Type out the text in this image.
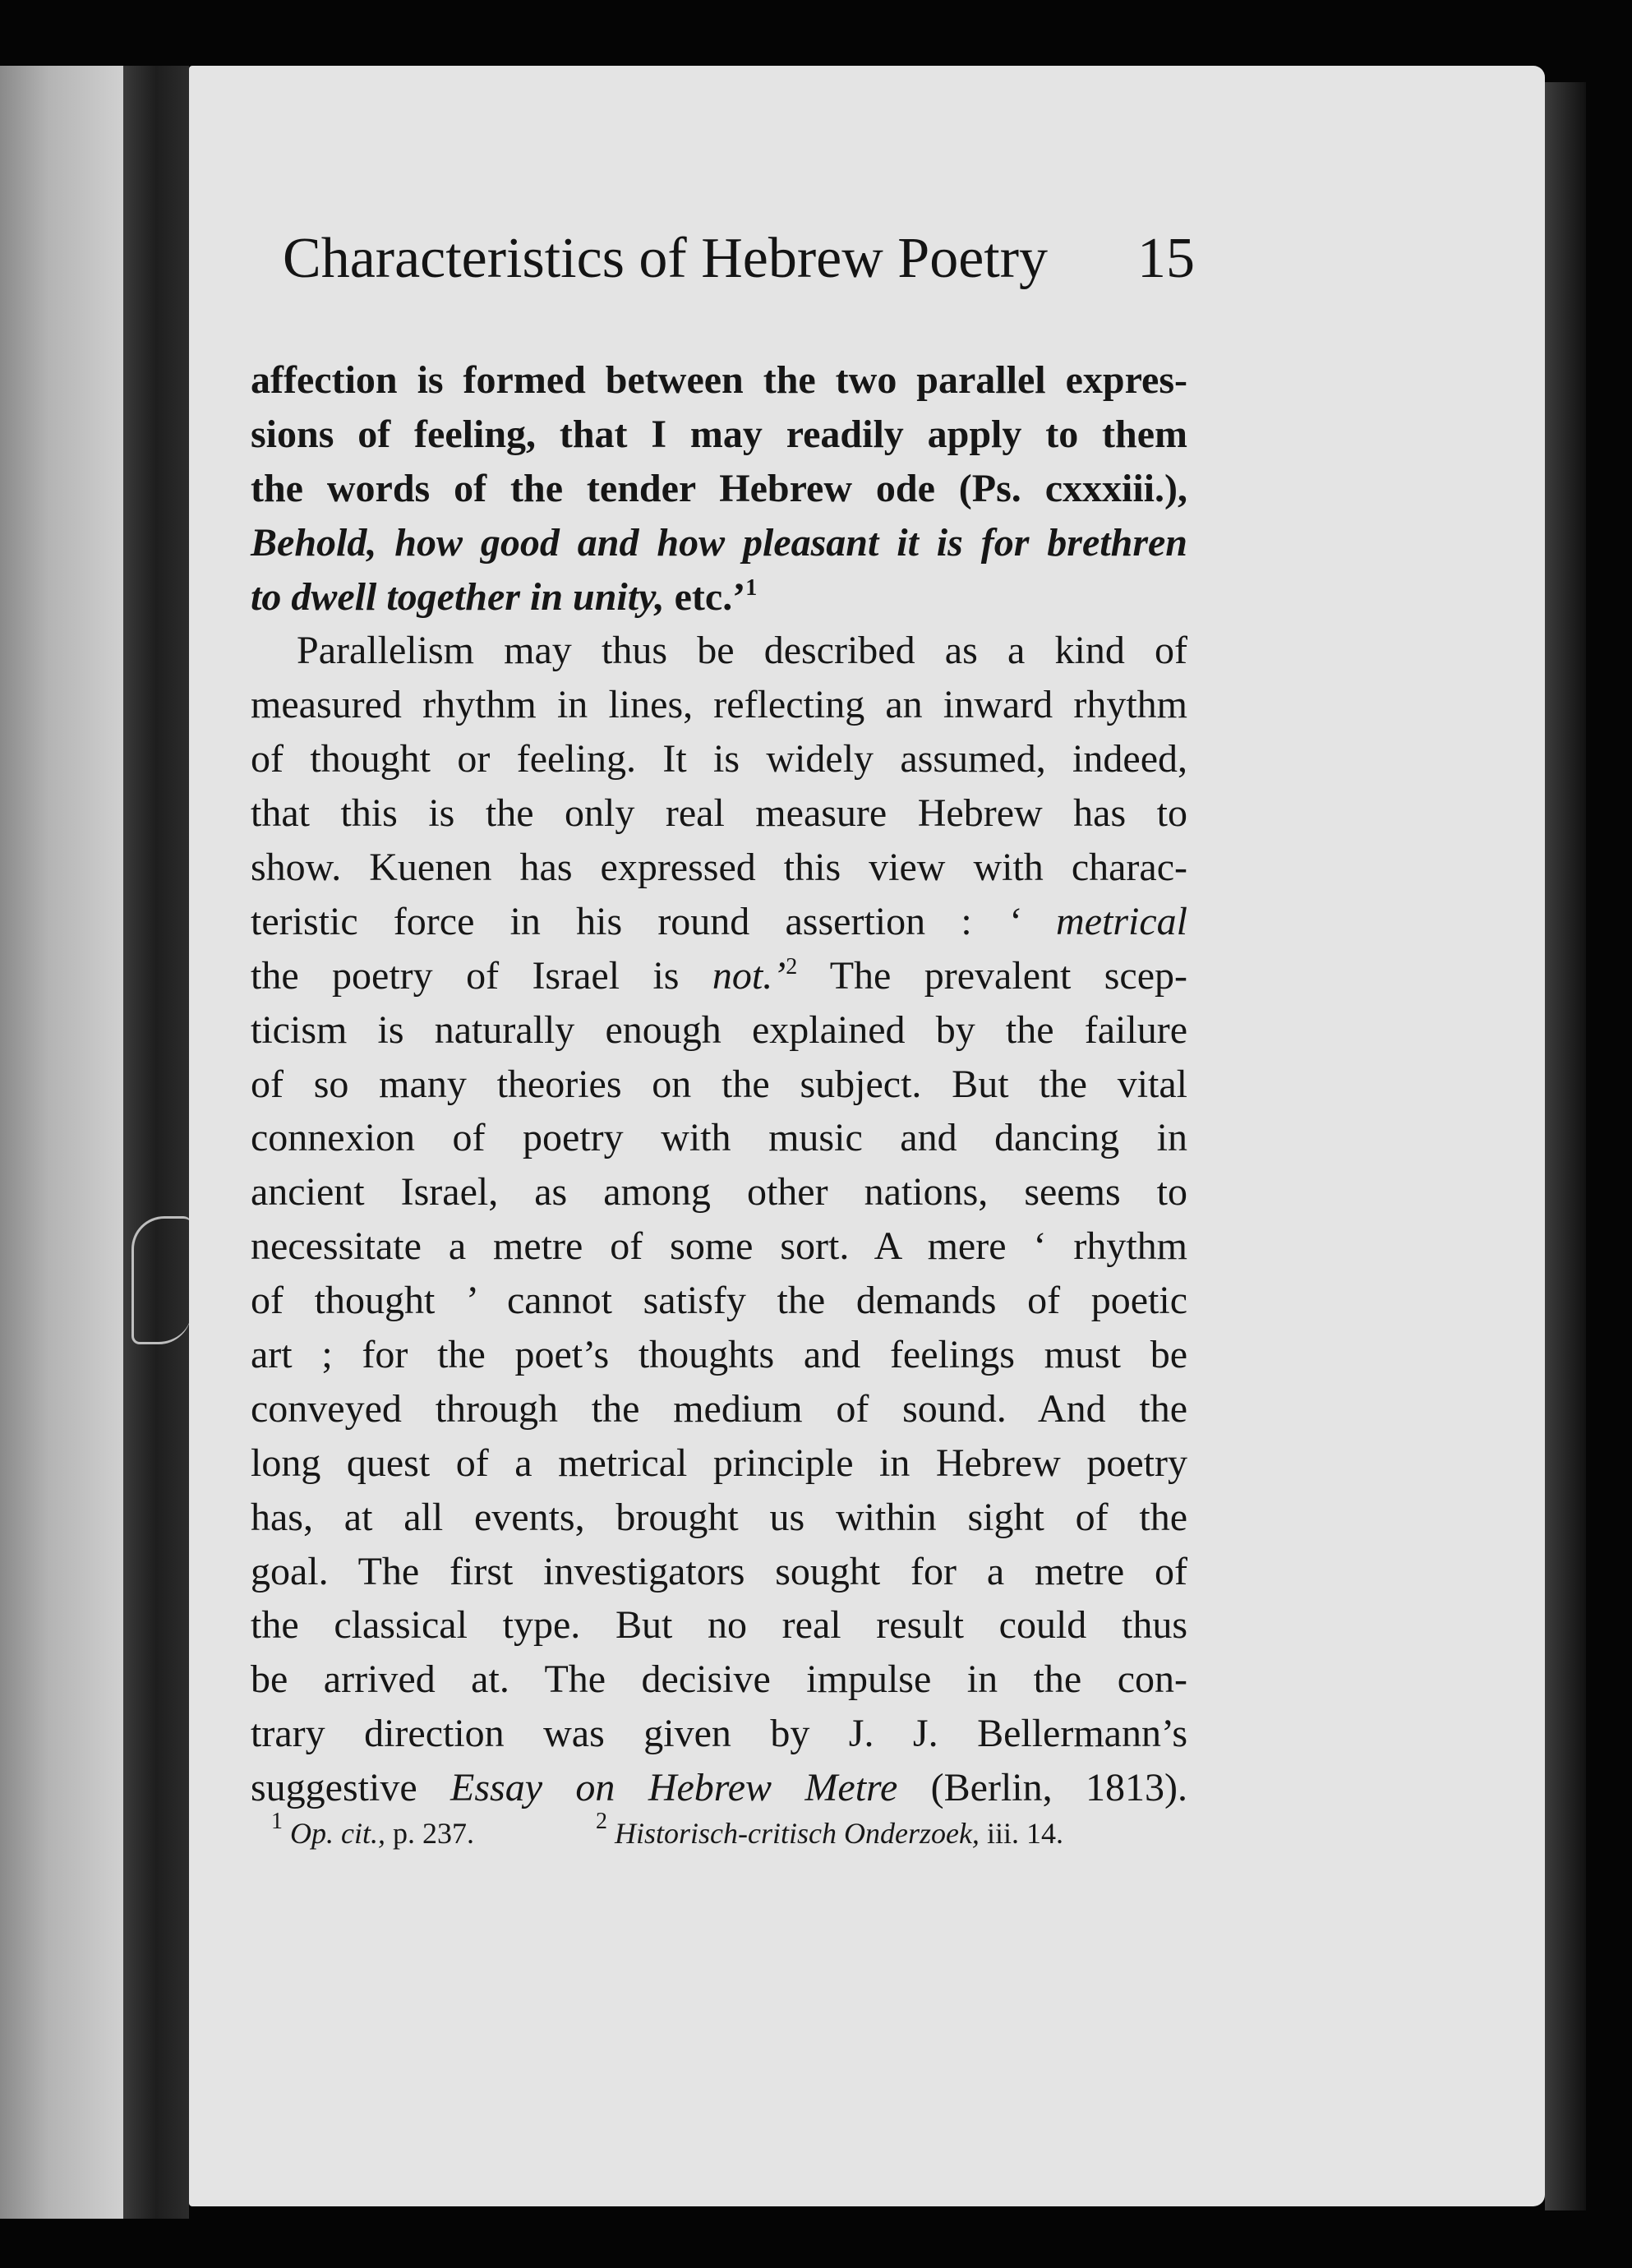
Characteristics of Hebrew Poetry 15
affection is formed between the two parallel expres-
sions of feeling, that I may readily apply to them
the words of the tender Hebrew ode (Ps. cxxxiii.),
Behold, how good and how pleasant it is for brethren
to dwell together in unity, etc.’$^1$
Parallelism may thus be described as a kind of
measured rhythm in lines, reflecting an inward rhythm
of thought or feeling. It is widely assumed, indeed,
that this is the only real measure Hebrew has to
show. Kuenen has expressed this view with charac-
teristic force in his round assertion : ‘ metrical
the poetry of Israel is not.’$^2$ The prevalent scep-
ticism is naturally enough explained by the failure
of so many theories on the subject. But the vital
connexion of poetry with music and dancing in
ancient Israel, as among other nations, seems to
necessitate a metre of some sort. A mere ‘ rhythm
of thought ’ cannot satisfy the demands of poetic
art ; for the poet’s thoughts and feelings must be
conveyed through the medium of sound. And the
long quest of a metrical principle in Hebrew poetry
has, at all events, brought us within sight of the
goal. The first investigators sought for a metre of
the classical type. But no real result could thus
be arrived at. The decisive impulse in the con-
trary direction was given by J. J. Bellermann’s
suggestive Essay on Hebrew Metre (Berlin, 1813).
$^1$ Op. cit., p. 237.	$^2$ Historisch-critisch Onderzoek, iii. 14.
